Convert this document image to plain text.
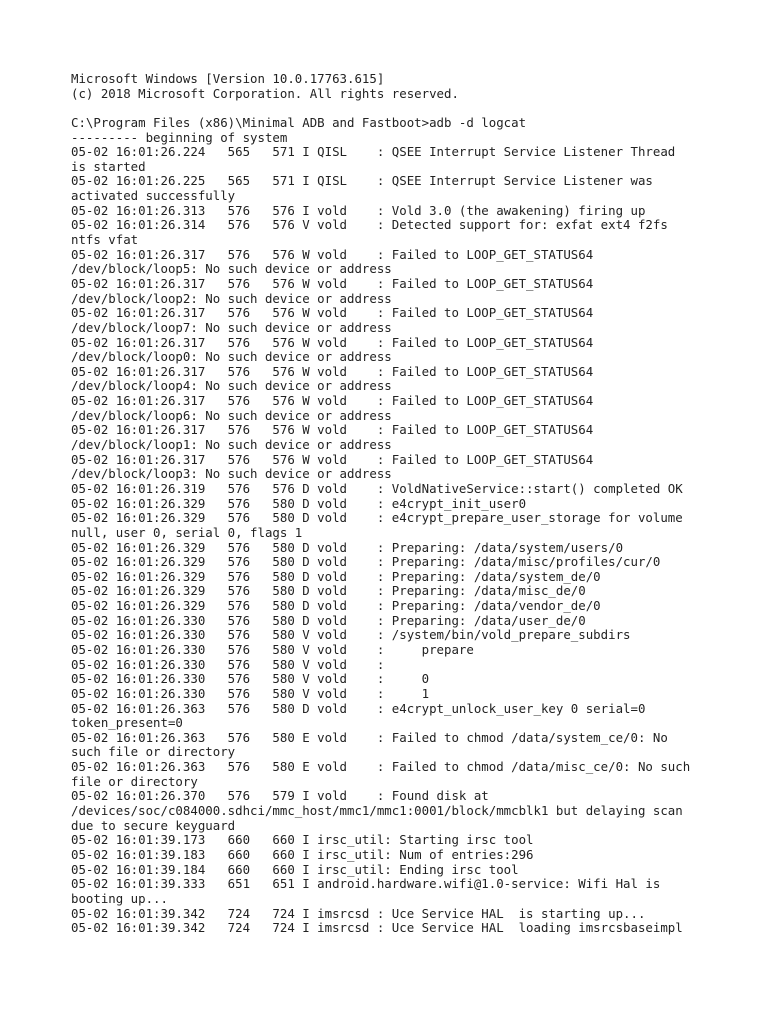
Microsoft Windows [Version 10.0.17763.615]
(c) 2018 Microsoft Corporation. All rights reserved.
C:\Program Files (x86)\Minimal ADB and Fastboot>adb -d logcat
--------- beginning of system
05-02 16:01:26.224   565   571 I QISL    : QSEE Interrupt Service Listener Thread
is started
05-02 16:01:26.225   565   571 I QISL    : QSEE Interrupt Service Listener was
activated successfully
05-02 16:01:26.313   576   576 I vold    : Vold 3.0 (the awakening) firing up
05-02 16:01:26.314   576   576 V vold    : Detected support for: exfat ext4 f2fs
ntfs vfat
05-02 16:01:26.317   576   576 W vold    : Failed to LOOP_GET_STATUS64
/dev/block/loop5: No such device or address
05-02 16:01:26.317   576   576 W vold    : Failed to LOOP_GET_STATUS64
/dev/block/loop2: No such device or address
05-02 16:01:26.317   576   576 W vold    : Failed to LOOP_GET_STATUS64
/dev/block/loop7: No such device or address
05-02 16:01:26.317   576   576 W vold    : Failed to LOOP_GET_STATUS64
/dev/block/loop0: No such device or address
05-02 16:01:26.317   576   576 W vold    : Failed to LOOP_GET_STATUS64
/dev/block/loop4: No such device or address
05-02 16:01:26.317   576   576 W vold    : Failed to LOOP_GET_STATUS64
/dev/block/loop6: No such device or address
05-02 16:01:26.317   576   576 W vold    : Failed to LOOP_GET_STATUS64
/dev/block/loop1: No such device or address
05-02 16:01:26.317   576   576 W vold    : Failed to LOOP_GET_STATUS64
/dev/block/loop3: No such device or address
05-02 16:01:26.319   576   576 D vold    : VoldNativeService::start() completed OK
05-02 16:01:26.329   576   580 D vold    : e4crypt_init_user0
05-02 16:01:26.329   576   580 D vold    : e4crypt_prepare_user_storage for volume
null, user 0, serial 0, flags 1
05-02 16:01:26.329   576   580 D vold    : Preparing: /data/system/users/0
05-02 16:01:26.329   576   580 D vold    : Preparing: /data/misc/profiles/cur/0
05-02 16:01:26.329   576   580 D vold    : Preparing: /data/system_de/0
05-02 16:01:26.329   576   580 D vold    : Preparing: /data/misc_de/0
05-02 16:01:26.329   576   580 D vold    : Preparing: /data/vendor_de/0
05-02 16:01:26.330   576   580 D vold    : Preparing: /data/user_de/0
05-02 16:01:26.330   576   580 V vold    : /system/bin/vold_prepare_subdirs
05-02 16:01:26.330   576   580 V vold    :     prepare
05-02 16:01:26.330   576   580 V vold    :
05-02 16:01:26.330   576   580 V vold    :     0
05-02 16:01:26.330   576   580 V vold    :     1
05-02 16:01:26.363   576   580 D vold    : e4crypt_unlock_user_key 0 serial=0
token_present=0
05-02 16:01:26.363   576   580 E vold    : Failed to chmod /data/system_ce/0: No
such file or directory
05-02 16:01:26.363   576   580 E vold    : Failed to chmod /data/misc_ce/0: No such
file or directory
05-02 16:01:26.370   576   579 I vold    : Found disk at
/devices/soc/c084000.sdhci/mmc_host/mmc1/mmc1:0001/block/mmcblk1 but delaying scan
due to secure keyguard
05-02 16:01:39.173   660   660 I irsc_util: Starting irsc tool
05-02 16:01:39.183   660   660 I irsc_util: Num of entries:296
05-02 16:01:39.184   660   660 I irsc_util: Ending irsc tool
05-02 16:01:39.333   651   651 I android.hardware.wifi@1.0-service: Wifi Hal is
booting up...
05-02 16:01:39.342   724   724 I imsrcsd : Uce Service HAL  is starting up...
05-02 16:01:39.342   724   724 I imsrcsd : Uce Service HAL  loading imsrcsbaseimpl
